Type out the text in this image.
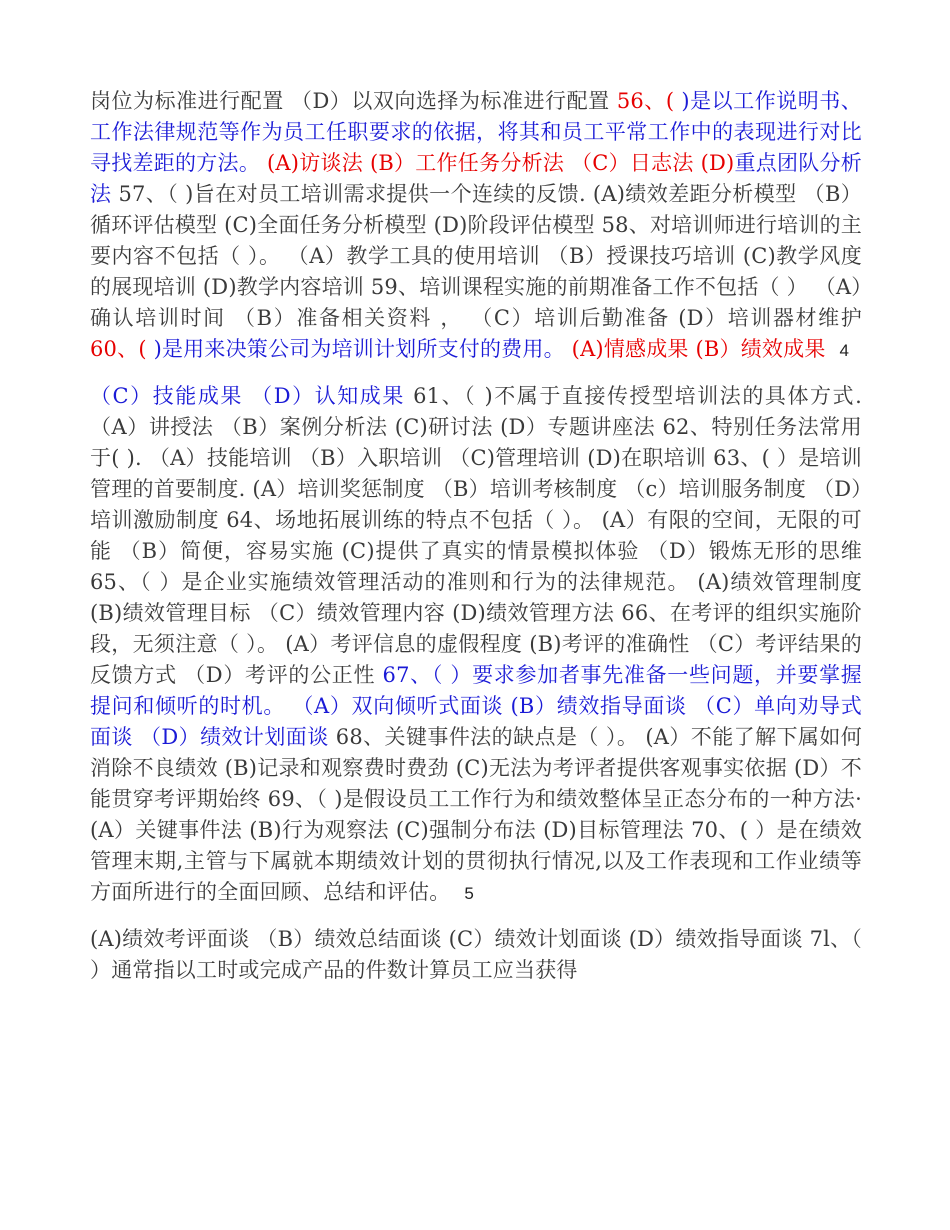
岗位为标准进行配置 （D）以双向选择为标准进行配置 56、( )是以工作说明书、工作法律规范等作为员工任职要求的依据，将其和员工平常工作中的表现进行对比寻找差距的方法。 (A)访谈法 (B）工作任务分析法 （C）日志法 (D)重点团队分析法 57、（ )旨在对员工培训需求提供一个连续的反馈. (A)绩效差距分析模型 （B）循环评估模型 (C)全面任务分析模型 (D)阶段评估模型 58、对培训师进行培训的主要内容不包括（ ）。 （A）教学工具的使用培训 （B）授课技巧培训 (C)教学风度的展现培训 (D)教学内容培训 59、培训课程实施的前期准备工作不包括（ ） （A）确认培训时间 （B）准备相关资料 ， （C）培训后勤准备 (D）培训器材维护 60、( )是用来决策公司为培训计划所支付的费用。 (A)情感成果 (B）绩效成果 4

（C）技能成果 （D）认知成果 61、（ )不属于直接传授型培训法的具体方式. （A）讲授法 （B）案例分析法 (C)研讨法 (D）专题讲座法 62、特别任务法常用于( ). （A）技能培训 （B）入职培训 （C)管理培训 (D)在职培训 63、( ）是培训管理的首要制度. (A）培训奖惩制度 （B）培训考核制度 （c）培训服务制度 （D）培训激励制度 64、场地拓展训练的特点不包括（ ）。 (A）有限的空间，无限的可能 （B）简便，容易实施 (C)提供了真实的情景模拟体验 （D）锻炼无形的思维 65、（ ）是企业实施绩效管理活动的准则和行为的法律规范。 (A)绩效管理制度 (B)绩效管理目标 （C）绩效管理内容 (D)绩效管理方法 66、在考评的组织实施阶段，无须注意（ ）。 (A）考评信息的虚假程度 (B)考评的准确性 （C）考评结果的反馈方式 （D）考评的公正性 67、（ ）要求参加者事先准备一些问题，并要掌握提问和倾听的时机。 （A）双向倾听式面谈 (B）绩效指导面谈 （C）单向劝导式面谈 （D）绩效计划面谈 68、关键事件法的缺点是（ ）。 (A）不能了解下属如何消除不良绩效 (B)记录和观察费时费劲 (C)无法为考评者提供客观事实依据 (D）不能贯穿考评期始终 69、（ )是假设员工工作行为和绩效整体呈正态分布的一种方法· (A）关键事件法 (B)行为观察法 (C)强制分布法 (D)目标管理法 70、( ）是在绩效管理末期,主管与下属就本期绩效计划的贯彻执行情况,以及工作表现和工作业绩等方面所进行的全面回顾、总结和评估。 5

(A)绩效考评面谈 （B）绩效总结面谈 (C）绩效计划面谈 (D）绩效指导面谈 7l、（ ）通常指以工时或完成产品的件数计算员工应当获得
